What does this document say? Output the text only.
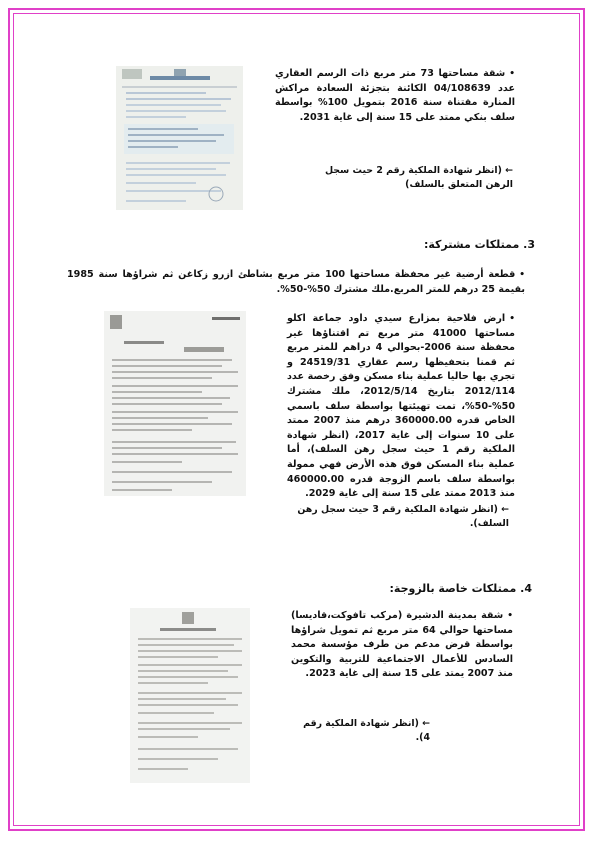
•شقة مساحتها 73 متر مربع ذات الرسم العقاري عدد 04/108639 الكائنة بتجزئة السعادة مراكش المنارة مقتناة سنة 2016 بتمويل 100% بواسطة سلف بنكي ممتد على 15 سنة إلى غاية 2031.

← (انظر شهادة الملكية رقم 2 حيث سجل الرهن المتعلق بالسلف)

3. ممتلكات مشتركة:

•قطعة أرضية غير محفظة مساحتها 100 متر مربع بشاطئ ازرو زكاغن ثم شراؤها سنة 1985 بقيمة 25 درهم للمتر المربع.ملك مشترك 50%-50%.

•ارض فلاحية بمزارع سيدي داود جماعة اكلو مساحتها 41000 متر مربع تم اقتناؤها غير محفظة سنة 2006-بحوالي 4 دراهم للمتر مربع ثم قمنا بتحفيظها رسم عقاري 24519/31 و تجري بها حاليا عملية بناء مسكن وفق رخصة عدد 2012/114 بتاريخ 2012/5/14، ملك مشترك 50%-50%، تمت تهيئتها بواسطة سلف باسمي الخاص قدره 360000.00 درهم منذ 2007 ممتد على 10 سنوات إلى غاية 2017، (انظر شهادة الملكية رقم 1 حيث سجل رهن السلف)، أما عملية بناء المسكن فوق هذه الأرض فهي ممولة بواسطة سلف باسم الزوجة قدره 460000.00 منذ 2013 ممتد على 15 سنة إلى غاية 2029.

← (انظر شهادة الملكية رقم 3 حيث سجل رهن السلف).

4. ممتلكات خاصة بالزوجة:

•شقة بمدينة الدشيرة (مركب تافوكت،قاديسا) مساحتها حوالي 64 متر مربع ثم تمويل شراؤها بواسطة قرض مدعم من طرف مؤسسة محمد السادس للأعمال الاجتماعية للتربية والتكوين منذ 2007 يمتد على 15 سنة إلى غاية 2023.

← (انظر شهادة الملكية رقم 4).
